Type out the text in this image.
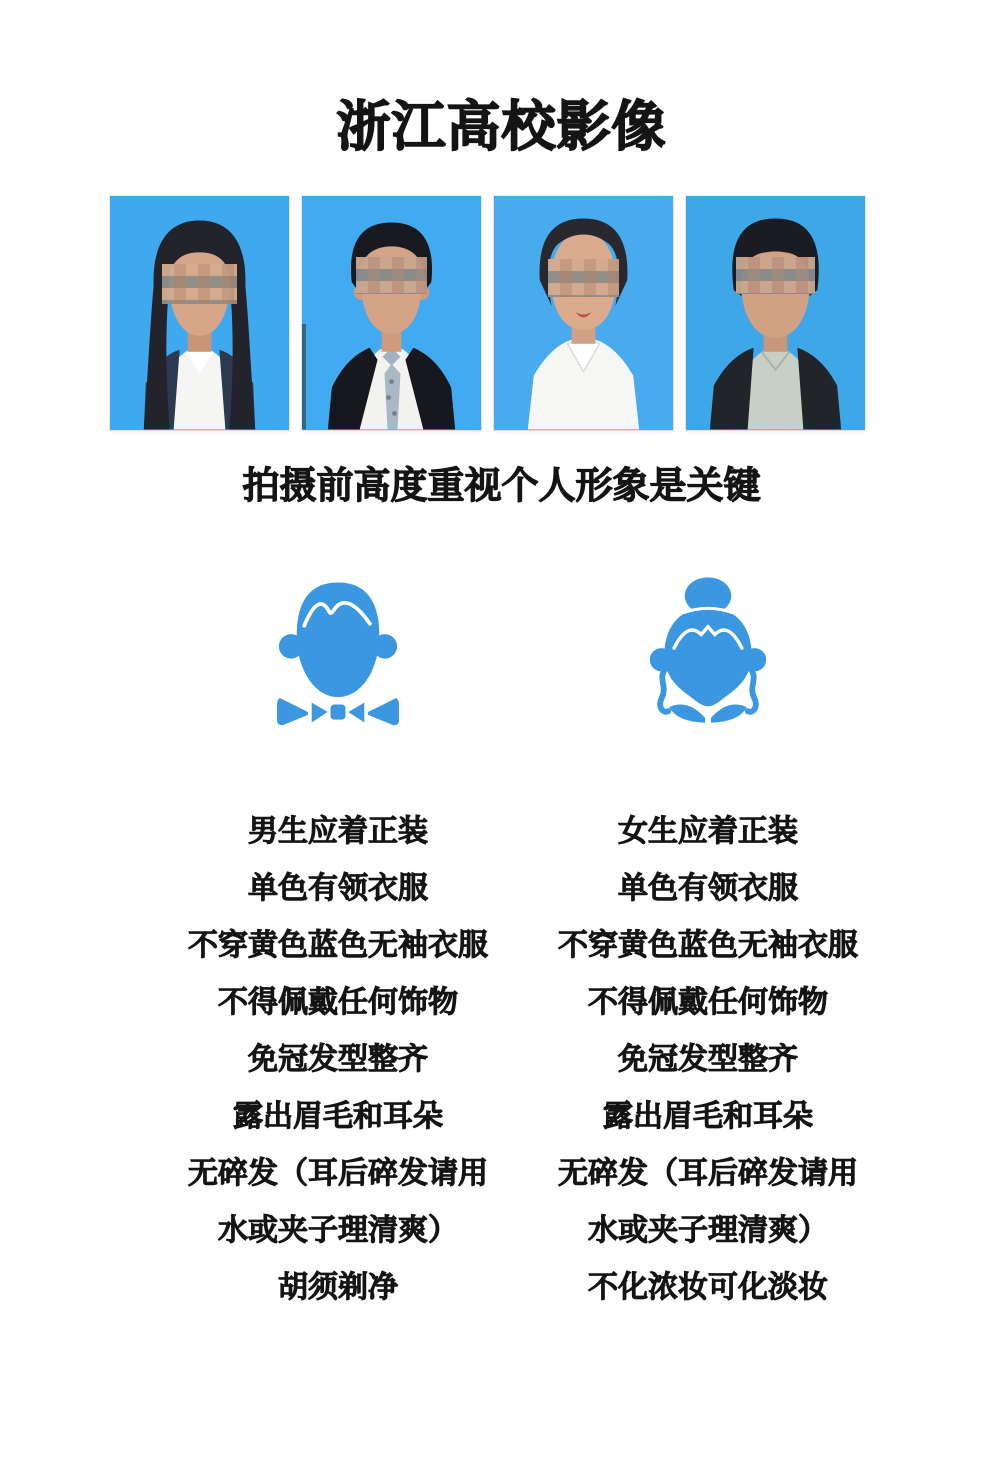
浙江高校影像
拍摄前高度重视个人形象是关键
男生应着正装
单色有领衣服
不穿黄色蓝色无袖衣服
不得佩戴任何饰物
免冠发型整齐
露出眉毛和耳朵
无碎发（耳后碎发请用
水或夹子理清爽）
胡须剃净
女生应着正装
单色有领衣服
不穿黄色蓝色无袖衣服
不得佩戴任何饰物
免冠发型整齐
露出眉毛和耳朵
无碎发（耳后碎发请用
水或夹子理清爽）
不化浓妆可化淡妆
